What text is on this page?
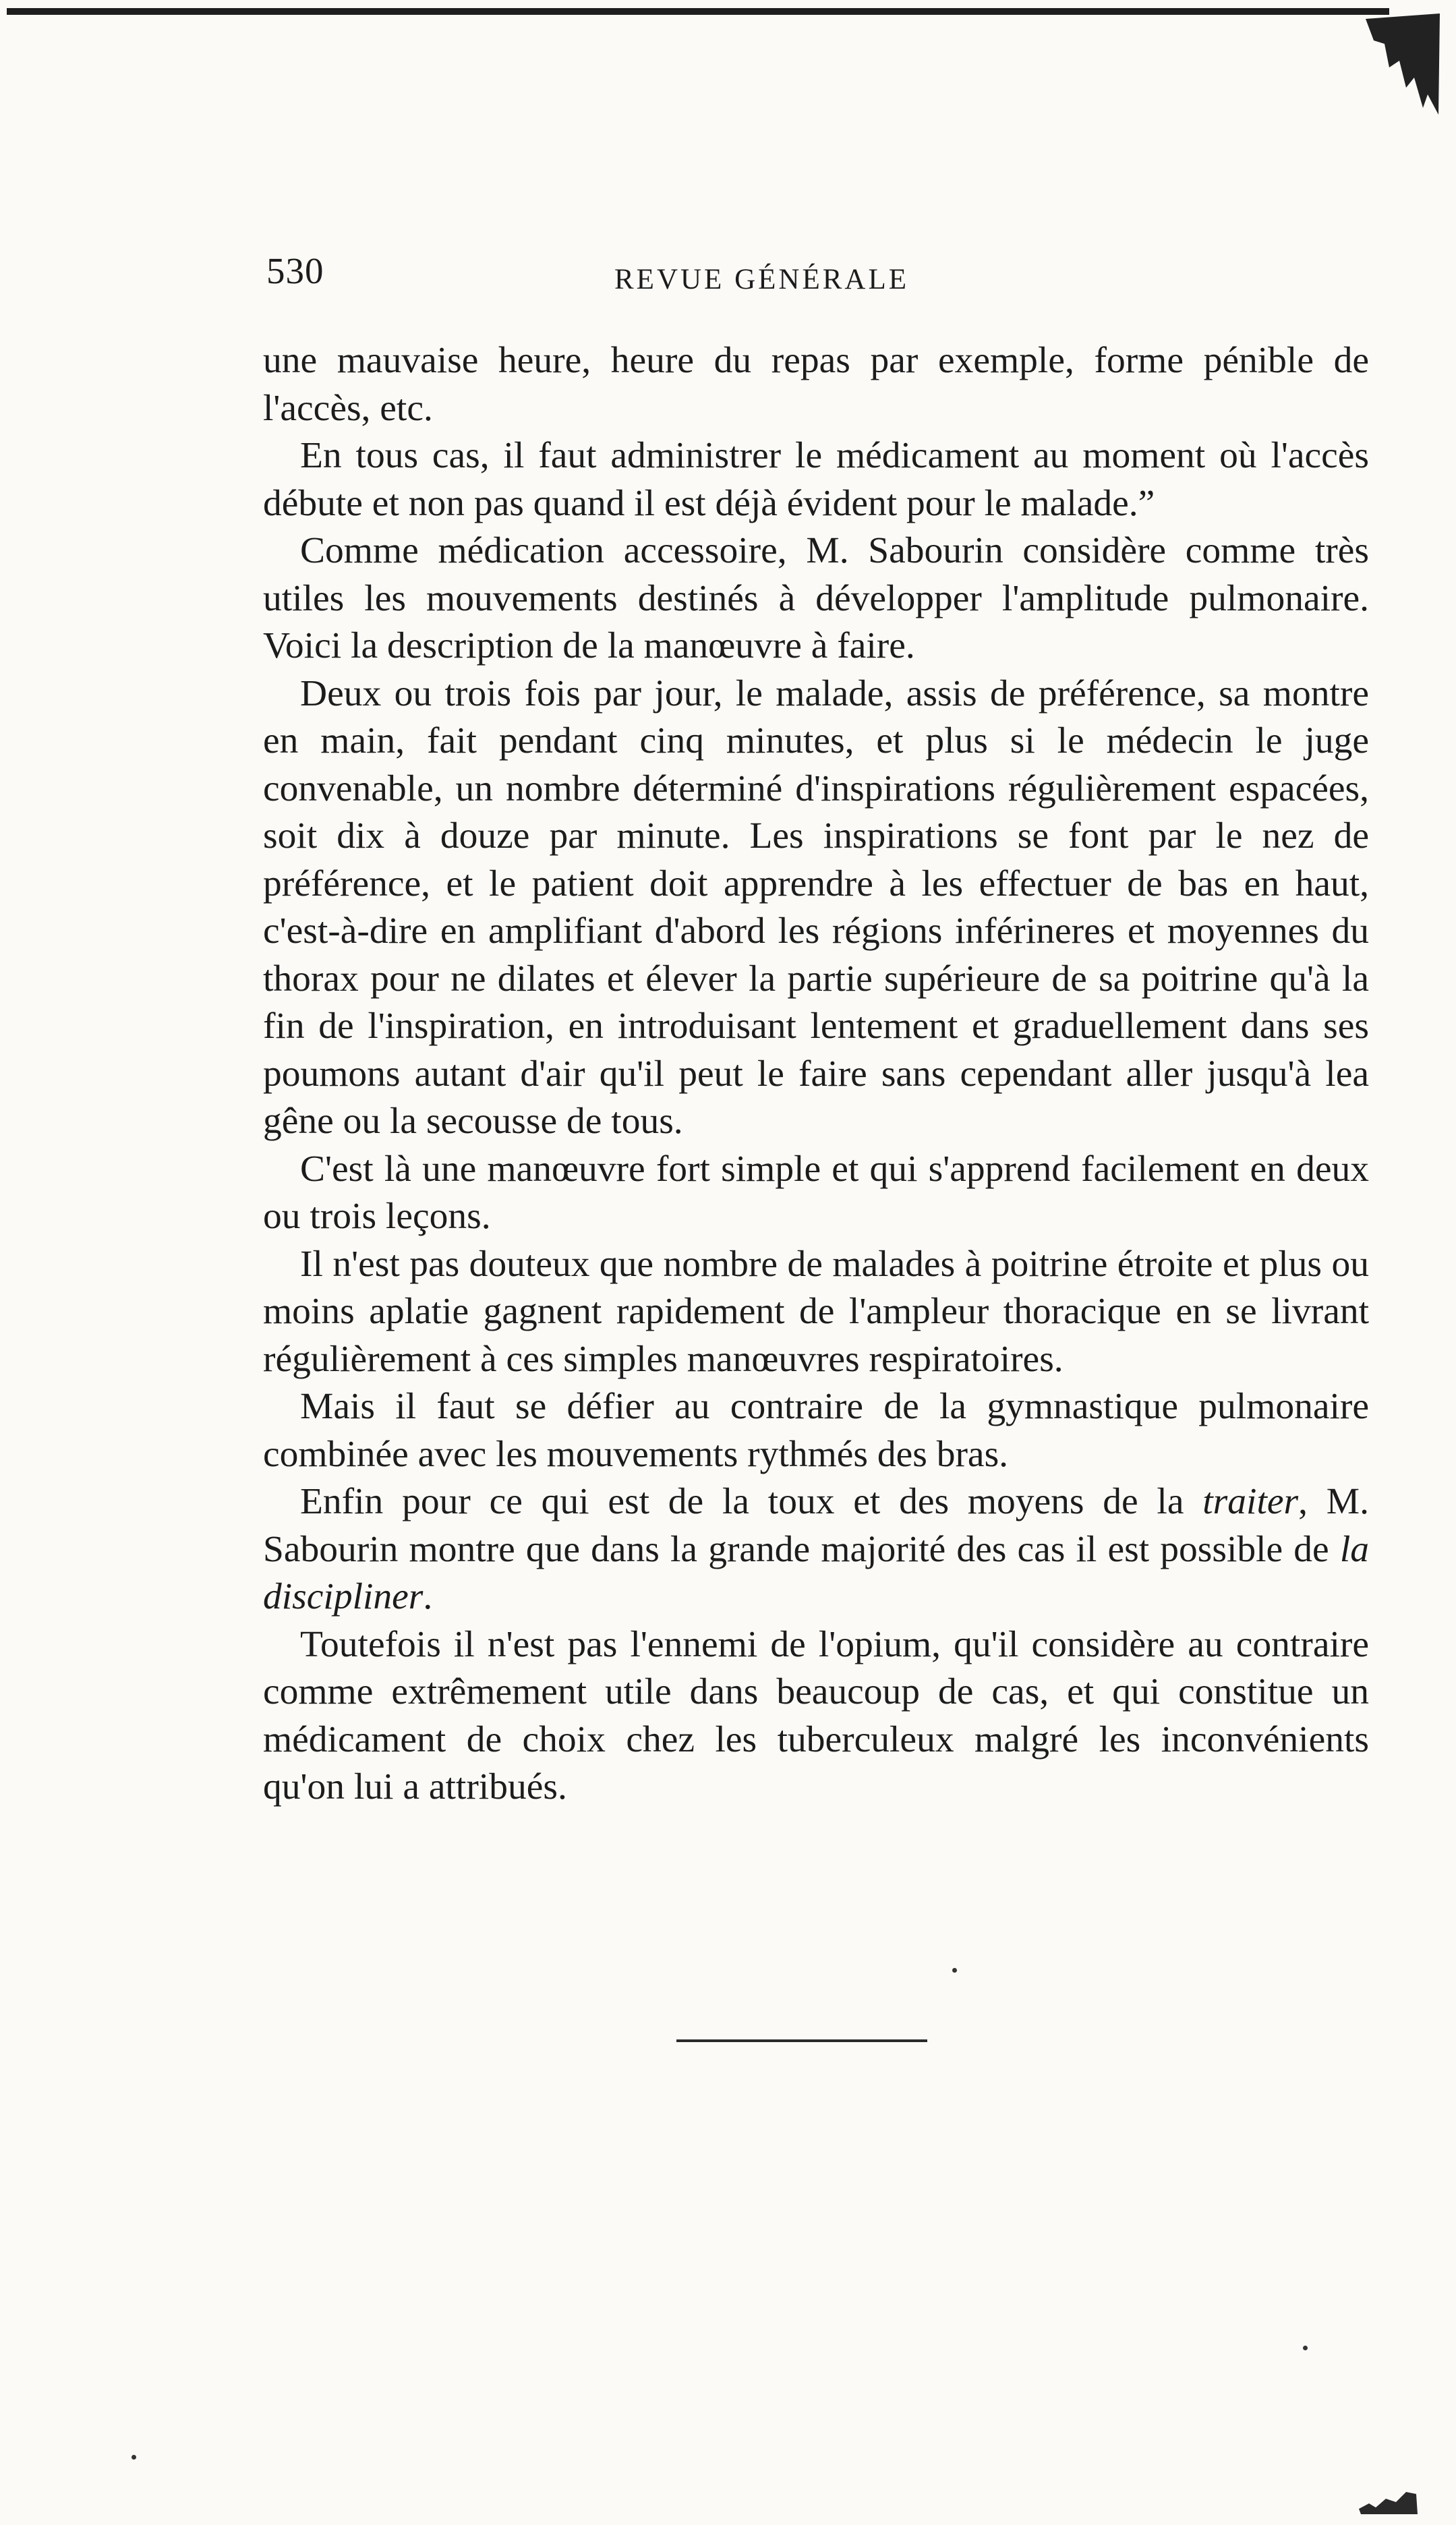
530	REVUE GÉNÉRALE

une mauvaise heure, heure du repas par exemple, forme pénible de l'accès, etc.

En tous cas, il faut administrer le médicament au moment où l'accès débute et non pas quand il est déjà évident pour le malade.”

Comme médication accessoire, M. Sabourin considère comme très utiles les mouvements destinés à développer l'amplitude pulmonaire. Voici la description de la manœuvre à faire.

Deux ou trois fois par jour, le malade, assis de préférence, sa montre en main, fait pendant cinq minutes, et plus si le médecin le juge convenable, un nombre déterminé d'inspirations régulièrement espacées, soit dix à douze par minute. Les inspirations se font par le nez de préférence, et le patient doit apprendre à les effectuer de bas en haut, c'est-à-dire en amplifiant d'abord les régions inférineres et moyennes du thorax pour ne dilates et élever la partie supérieure de sa poitrine qu'à la fin de l'inspiration, en introduisant lentement et graduellement dans ses poumons autant d'air qu'il peut le faire sans cependant aller jusqu'à lea gêne ou la secousse de tous.

C'est là une manœuvre fort simple et qui s'apprend facilement en deux ou trois leçons.

Il n'est pas douteux que nombre de malades à poitrine étroite et plus ou moins aplatie gagnent rapidement de l'ampleur thoracique en se livrant régulièrement à ces simples manœuvres respiratoires.

Mais il faut se défier au contraire de la gymnastique pulmonaire combinée avec les mouvements rythmés des bras.

Enfin pour ce qui est de la toux et des moyens de la traiter, M. Sabourin montre que dans la grande majorité des cas il est possible de la discipliner.

Toutefois il n'est pas l'ennemi de l'opium, qu'il considère au contraire comme extrêmement utile dans beaucoup de cas, et qui constitue un médicament de choix chez les tuberculeux malgré les inconvénients qu'on lui a attribués.
